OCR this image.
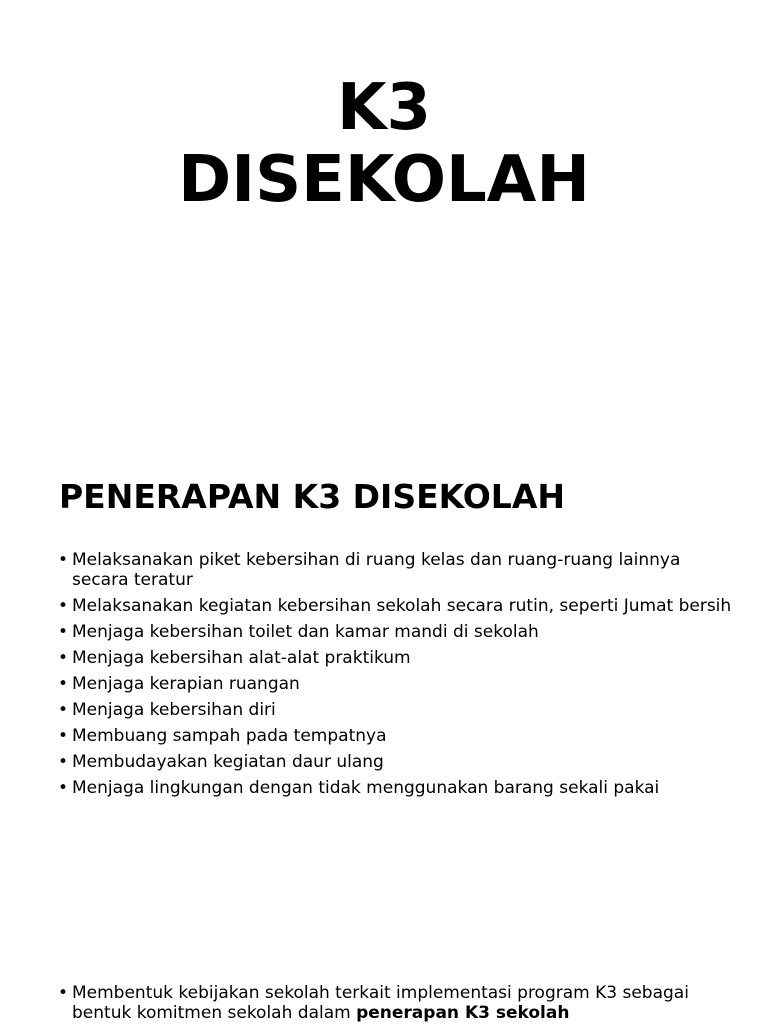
K3
DISEKOLAH
PENERAPAN K3 DISEKOLAH
• Melaksanakan piket kebersihan di ruang kelas dan ruang-ruang lainnya secara teratur
• Melaksanakan kegiatan kebersihan sekolah secara rutin, seperti Jumat bersih
• Menjaga kebersihan toilet dan kamar mandi di sekolah
• Menjaga kebersihan alat-alat praktikum
• Menjaga kerapian ruangan
• Menjaga kebersihan diri
• Membuang sampah pada tempatnya
• Membudayakan kegiatan daur ulang
• Menjaga lingkungan dengan tidak menggunakan barang sekali pakai
• Membentuk kebijakan sekolah terkait implementasi program K3 sebagai bentuk komitmen sekolah dalam penerapan K3 sekolah
